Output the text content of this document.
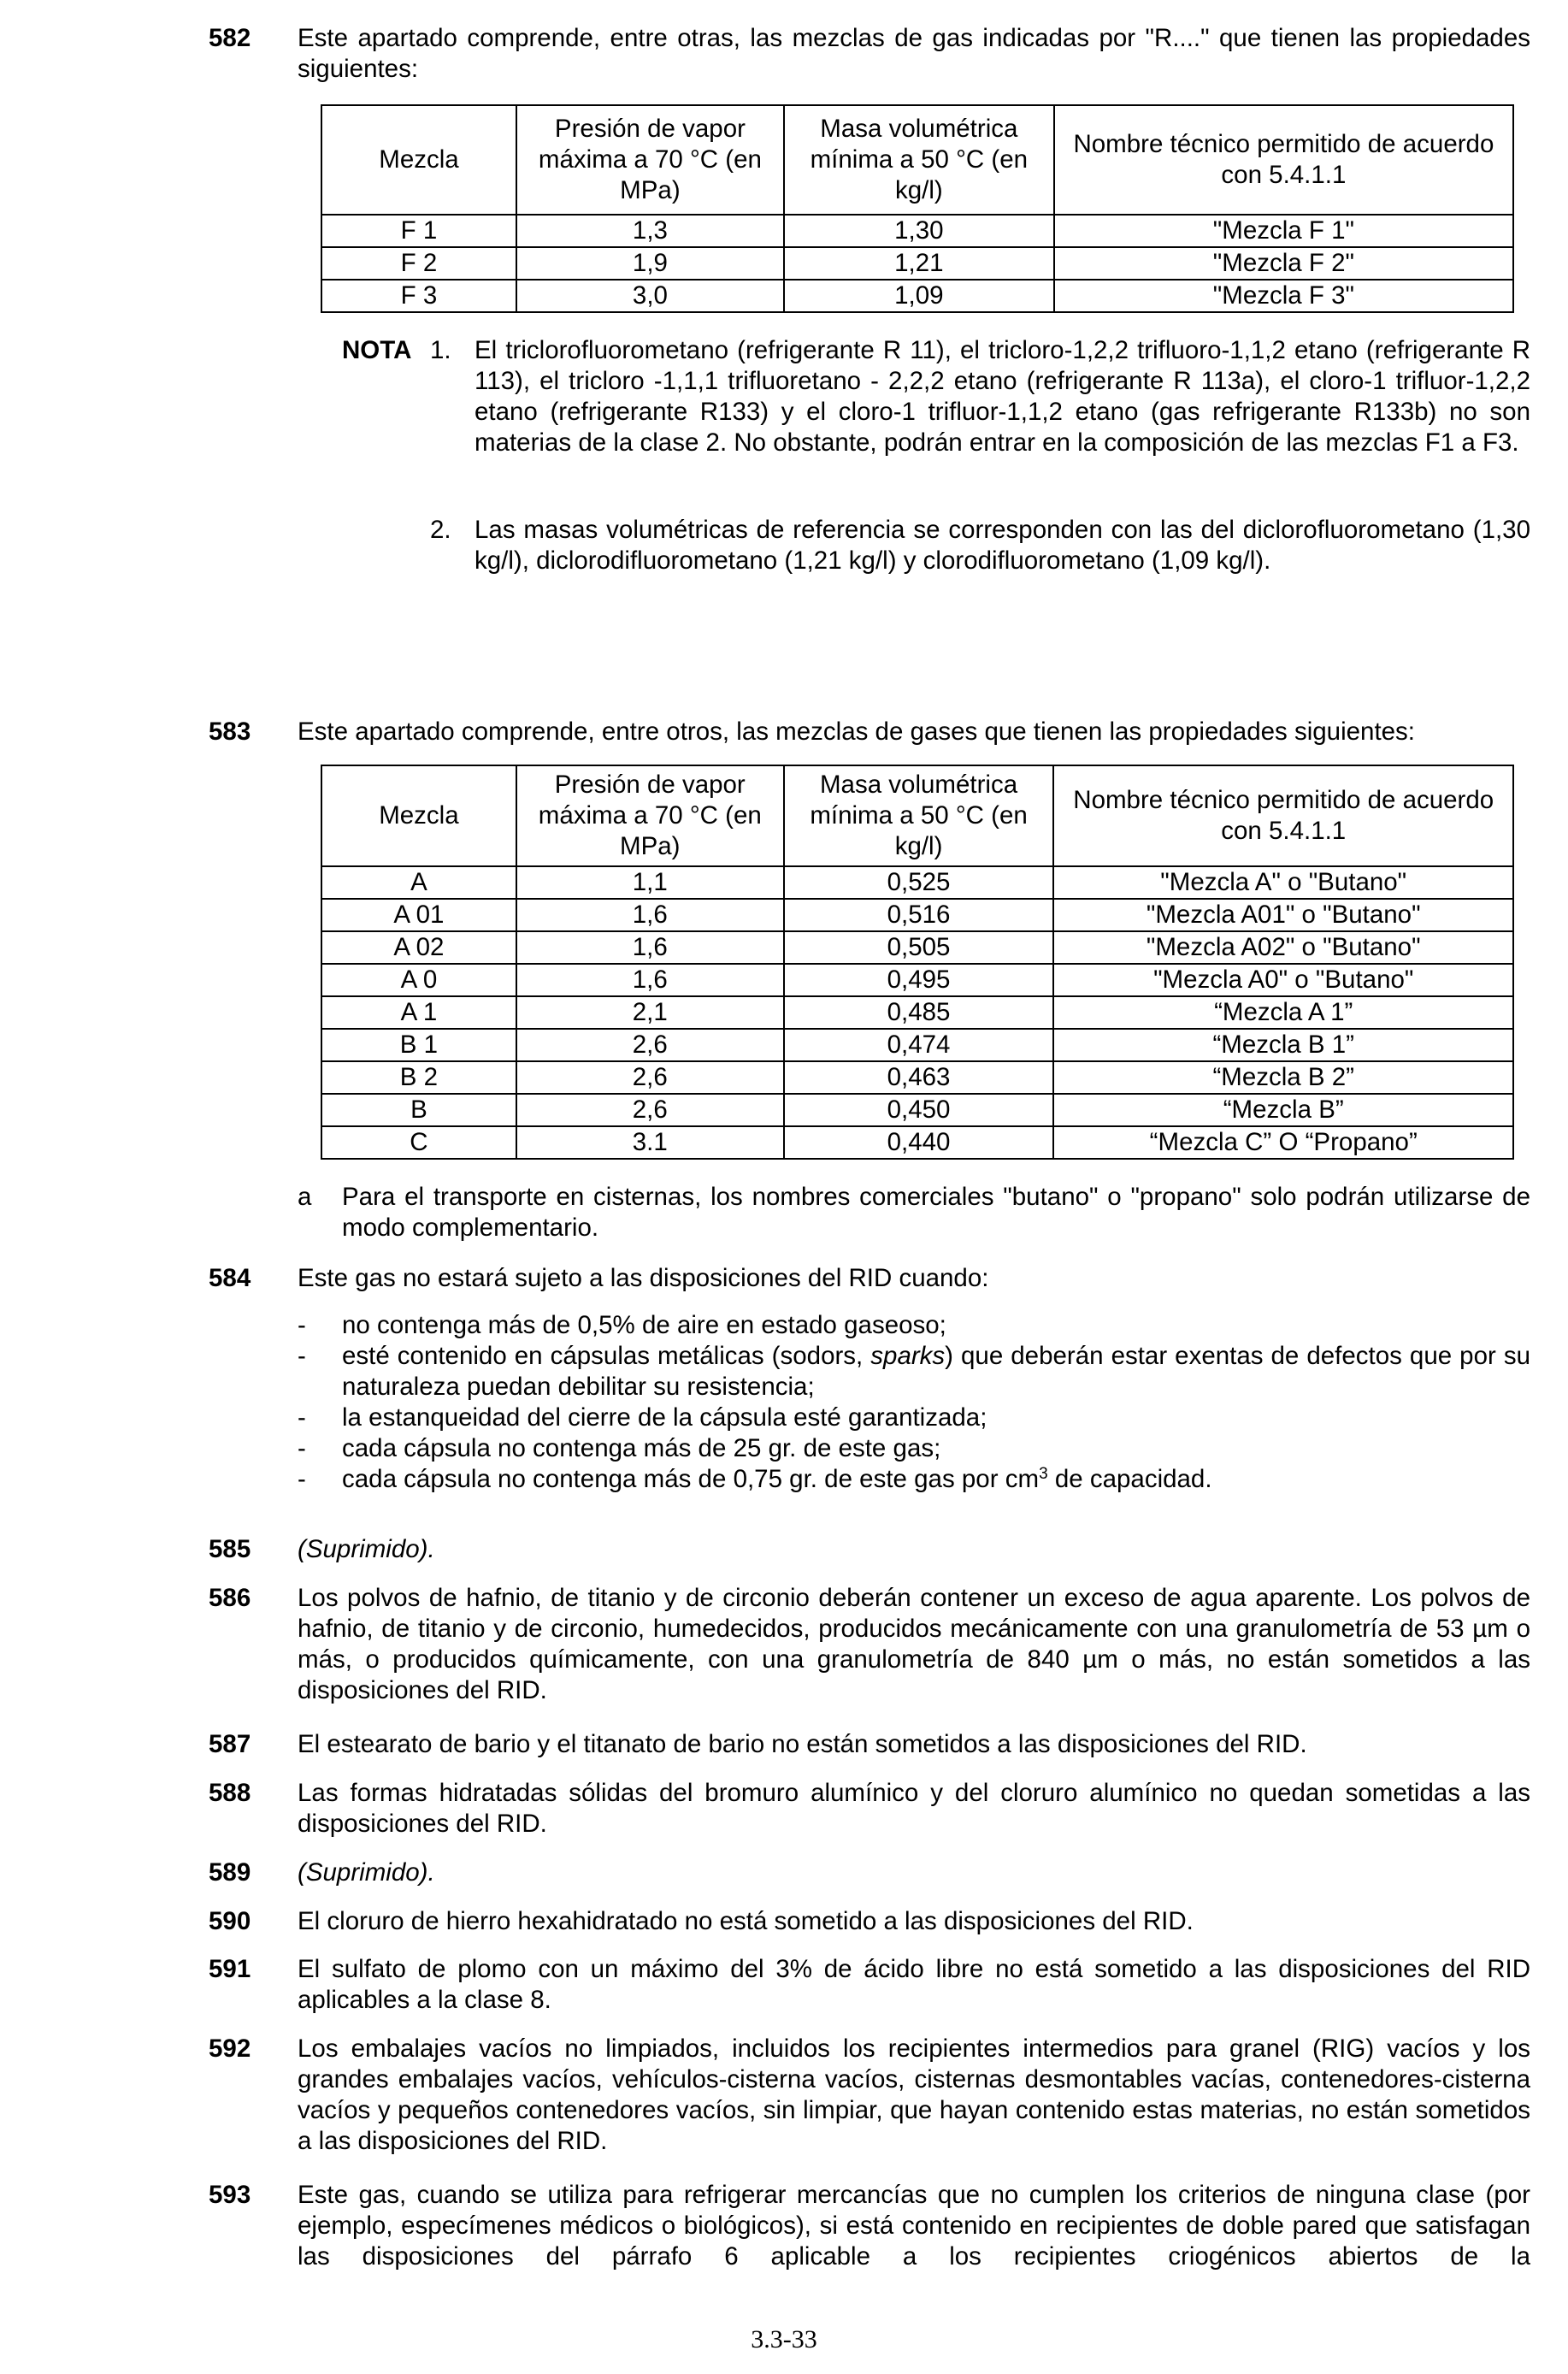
582	Este apartado comprende, entre otras, las mezclas de gas indicadas por "R...." que tienen las propiedades siguientes:

Mezcla	Presión de vapor máxima a 70 °C (en MPa)	Masa volumétrica mínima a 50 °C (en kg/l)	Nombre técnico permitido de acuerdo con 5.4.1.1
F 1	1,3	1,30	"Mezcla F 1"
F 2	1,9	1,21	"Mezcla F 2"
F 3	3,0	1,09	"Mezcla F 3"
NOTA 1. El triclorofluorometano (refrigerante R 11), el tricloro-1,2,2 trifluoro-1,1,2 etano (refrigerante R 113), el tricloro -1,1,1 trifluoretano - 2,2,2 etano (refrigerante R 113a), el cloro-1 trifluor-1,2,2 etano (refrigerante R133) y el cloro-1 trifluor-1,1,2 etano (gas refrigerante R133b) no son materias de la clase 2. No obstante, podrán entrar en la composición de las mezclas F1 a F3.
2. Las masas volumétricas de referencia se corresponden con las del diclorofluorometano (1,30 kg/l), diclorodifluorometano (1,21 kg/l) y clorodifluorometano (1,09 kg/l).
583	Este apartado comprende, entre otros, las mezclas de gases que tienen las propiedades siguientes:

Mezcla	Presión de vapor máxima a 70 °C (en MPa)	Masa volumétrica mínima a 50 °C (en kg/l)	Nombre técnico permitido de acuerdo con 5.4.1.1
A	1,1	0,525	"Mezcla A" o "Butano"
A 01	1,6	0,516	"Mezcla A01" o "Butano"
A 02	1,6	0,505	"Mezcla A02" o "Butano"
A 0	1,6	0,495	"Mezcla A0" o "Butano"
A 1	2,1	0,485	“Mezcla A 1”
B 1	2,6	0,474	“Mezcla B 1”
B 2	2,6	0,463	“Mezcla B 2”
B	2,6	0,450	“Mezcla B”
C	3.1	0,440	“Mezcla C” O “Propano”
a Para el transporte en cisternas, los nombres comerciales "butano" o "propano" solo podrán utilizarse de modo complementario.
584	Este gas no estará sujeto a las disposiciones del RID cuando:

- no contenga más de 0,5% de aire en estado gaseoso;
- esté contenido en cápsulas metálicas (sodors, sparks) que deberán estar exentas de defectos que por su naturaleza puedan debilitar su resistencia;
- la estanqueidad del cierre de la cápsula esté garantizada;
- cada cápsula no contenga más de 25 gr. de este gas;
- cada cápsula no contenga más de 0,75 gr. de este gas por $cm^3$ de capacidad.
585	(Suprimido).

586	Los polvos de hafnio, de titanio y de circonio deberán contener un exceso de agua aparente. Los polvos de hafnio, de titanio y de circonio, humedecidos, producidos mecánicamente con una granulometría de 53 µm o más, o producidos químicamente, con una granulometría de 840 µm o más, no están sometidos a las disposiciones del RID.

587	El estearato de bario y el titanato de bario no están sometidos a las disposiciones del RID.

588	Las formas hidratadas sólidas del bromuro alumínico y del cloruro alumínico no quedan sometidas a las disposiciones del RID.

589	(Suprimido).

590	El cloruro de hierro hexahidratado no está sometido a las disposiciones del RID.

591	El sulfato de plomo con un máximo del 3% de ácido libre no está sometido a las disposiciones del RID aplicables a la clase 8.

592	Los embalajes vacíos no limpiados, incluidos los recipientes intermedios para granel (RIG) vacíos y los grandes embalajes vacíos, vehículos-cisterna vacíos, cisternas desmontables vacías, contenedores-cisterna vacíos y pequeños contenedores vacíos, sin limpiar, que hayan contenido estas materias, no están sometidos a las disposiciones del RID.

593	Este gas, cuando se utiliza para refrigerar mercancías que no cumplen los criterios de ninguna clase (por ejemplo, especímenes médicos o biológicos), si está contenido en recipientes de doble pared que satisfagan las disposiciones del párrafo 6 aplicable a los recipientes criogénicos abiertos de la

3.3-33
